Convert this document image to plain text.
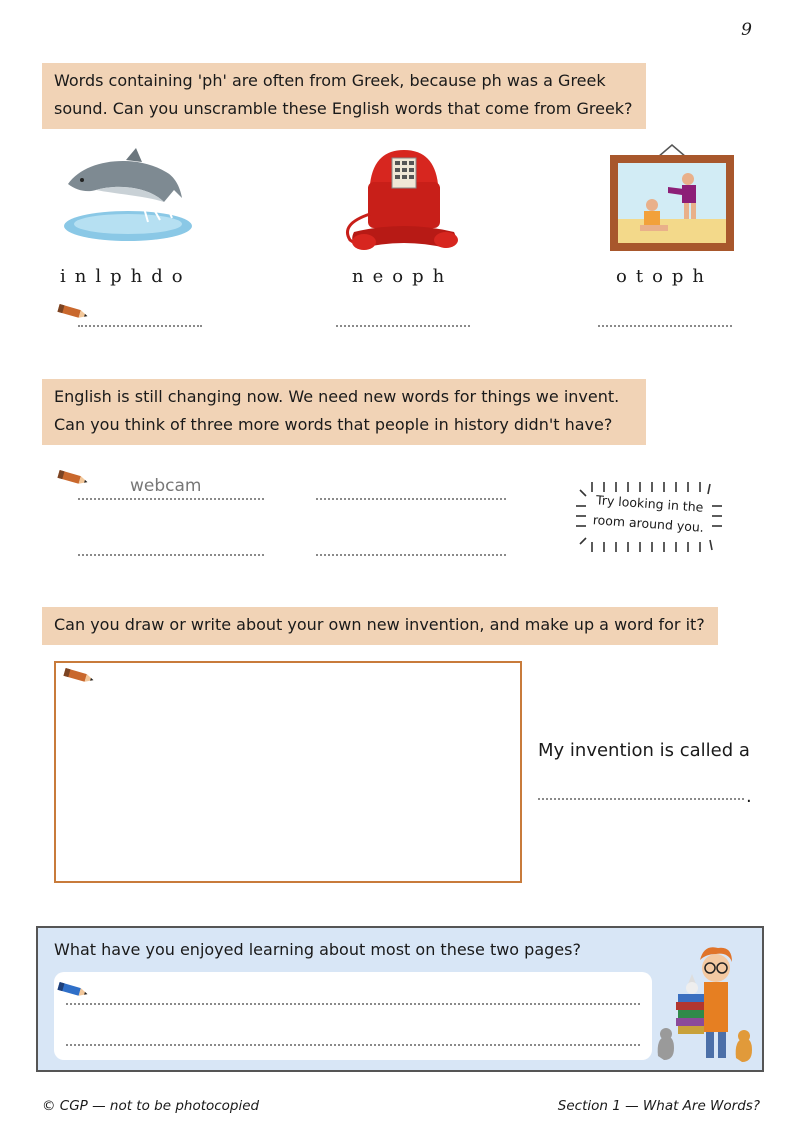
9
Words containing 'ph' are often from Greek, because ph was a Greek
sound. Can you unscramble these English words that come from Greek?
inlphdo	neoph	otoph
English is still changing now. We need new words for things we invent.
Can you think of three more words that people in history didn't have?
webcam
Try looking in the
room around you.
Can you draw or write about your own new invention, and make up a word for it?
My invention is called a
.
What have you enjoyed learning about most on these two pages?
© CGP — not to be photocopied	Section 1 — What Are Words?
